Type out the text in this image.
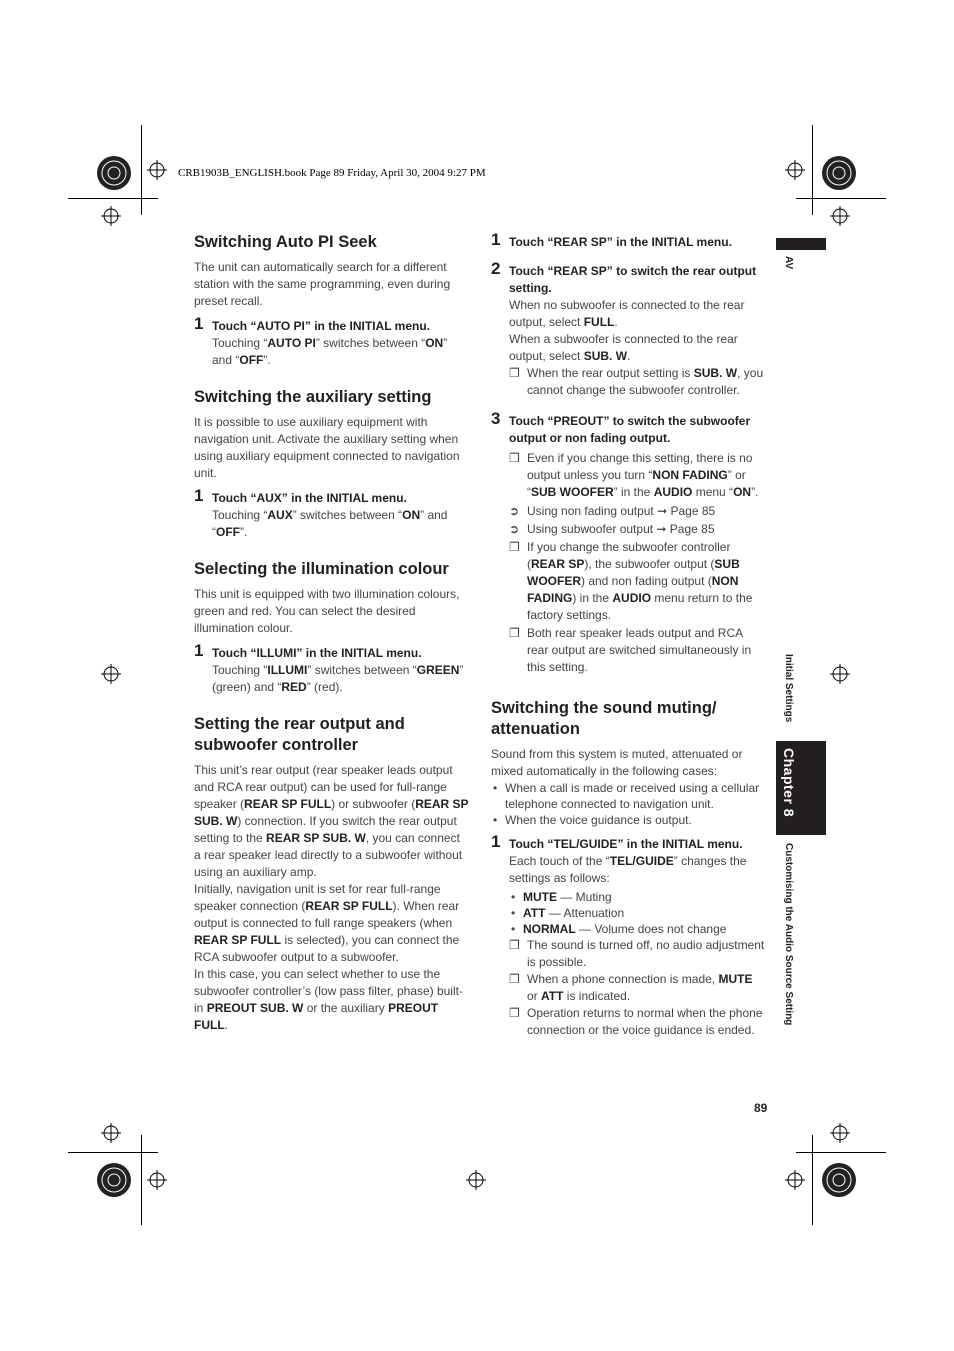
CRB1903B_ENGLISH.book Page 89 Friday, April 30, 2004 9:27 PM
AV
Initial Settings
Chapter 8
Customising the Audio Source Setting
89
Switching Auto PI Seek

The unit can automatically search for a different station with the same programming, even during preset recall.

1 Touch “AUTO PI” in the INITIAL menu.
Touching “AUTO PI” switches between “ON” and “OFF”.
Switching the auxiliary setting

It is possible to use auxiliary equipment with navigation unit. Activate the auxiliary setting when using auxiliary equipment connected to navigation unit.

1 Touch “AUX” in the INITIAL menu.
Touching “AUX” switches between “ON” and “OFF”.
Selecting the illumination colour

This unit is equipped with two illumination colours, green and red. You can select the desired illumination colour.

1 Touch “ILLUMI” in the INITIAL menu.
Touching “ILLUMI” switches between “GREEN” (green) and “RED” (red).
Setting the rear output and subwoofer controller

This unit’s rear output (rear speaker leads output and RCA rear output) can be used for full-range speaker (REAR SP FULL) or subwoofer (REAR SP SUB. W) connection. If you switch the rear output setting to the REAR SP SUB. W, you can connect a rear speaker lead directly to a subwoofer without using an auxiliary amp.

Initially, navigation unit is set for rear full-range speaker connection (REAR SP FULL). When rear output is connected to full range speakers (when REAR SP FULL is selected), you can connect the RCA subwoofer output to a subwoofer.

In this case, you can select whether to use the subwoofer controller’s (low pass filter, phase) built-in PREOUT SUB. W or the auxiliary PREOUT FULL.

1 Touch “REAR SP” in the INITIAL menu.
2 Touch “REAR SP” to switch the rear output setting.
When no subwoofer is connected to the rear output, select FULL.
When a subwoofer is connected to the rear output, select SUB. W.
❐ When the rear output setting is SUB. W, you cannot change the subwoofer controller.
3 Touch “PREOUT” to switch the subwoofer output or non fading output.
❐ Even if you change this setting, there is no output unless you turn “NON FADING” or “SUB WOOFER” in the AUDIO menu “ON”.
➲ Using non fading output ➞ Page 85
➲ Using subwoofer output ➞ Page 85
❐ If you change the subwoofer controller (REAR SP), the subwoofer output (SUB WOOFER) and non fading output (NON FADING) in the AUDIO menu return to the factory settings.
❐ Both rear speaker leads output and RCA rear output are switched simultaneously in this setting.
Switching the sound muting/ attenuation

Sound from this system is muted, attenuated or mixed automatically in the following cases:

• When a call is made or received using a cellular telephone connected to navigation unit.
• When the voice guidance is output.
1 Touch “TEL/GUIDE” in the INITIAL menu.
Each touch of the “TEL/GUIDE” changes the settings as follows:
• MUTE — Muting
• ATT — Attenuation
• NORMAL — Volume does not change
❐ The sound is turned off, no audio adjustment is possible.
❐ When a phone connection is made, MUTE or ATT is indicated.
❐ Operation returns to normal when the phone connection or the voice guidance is ended.
